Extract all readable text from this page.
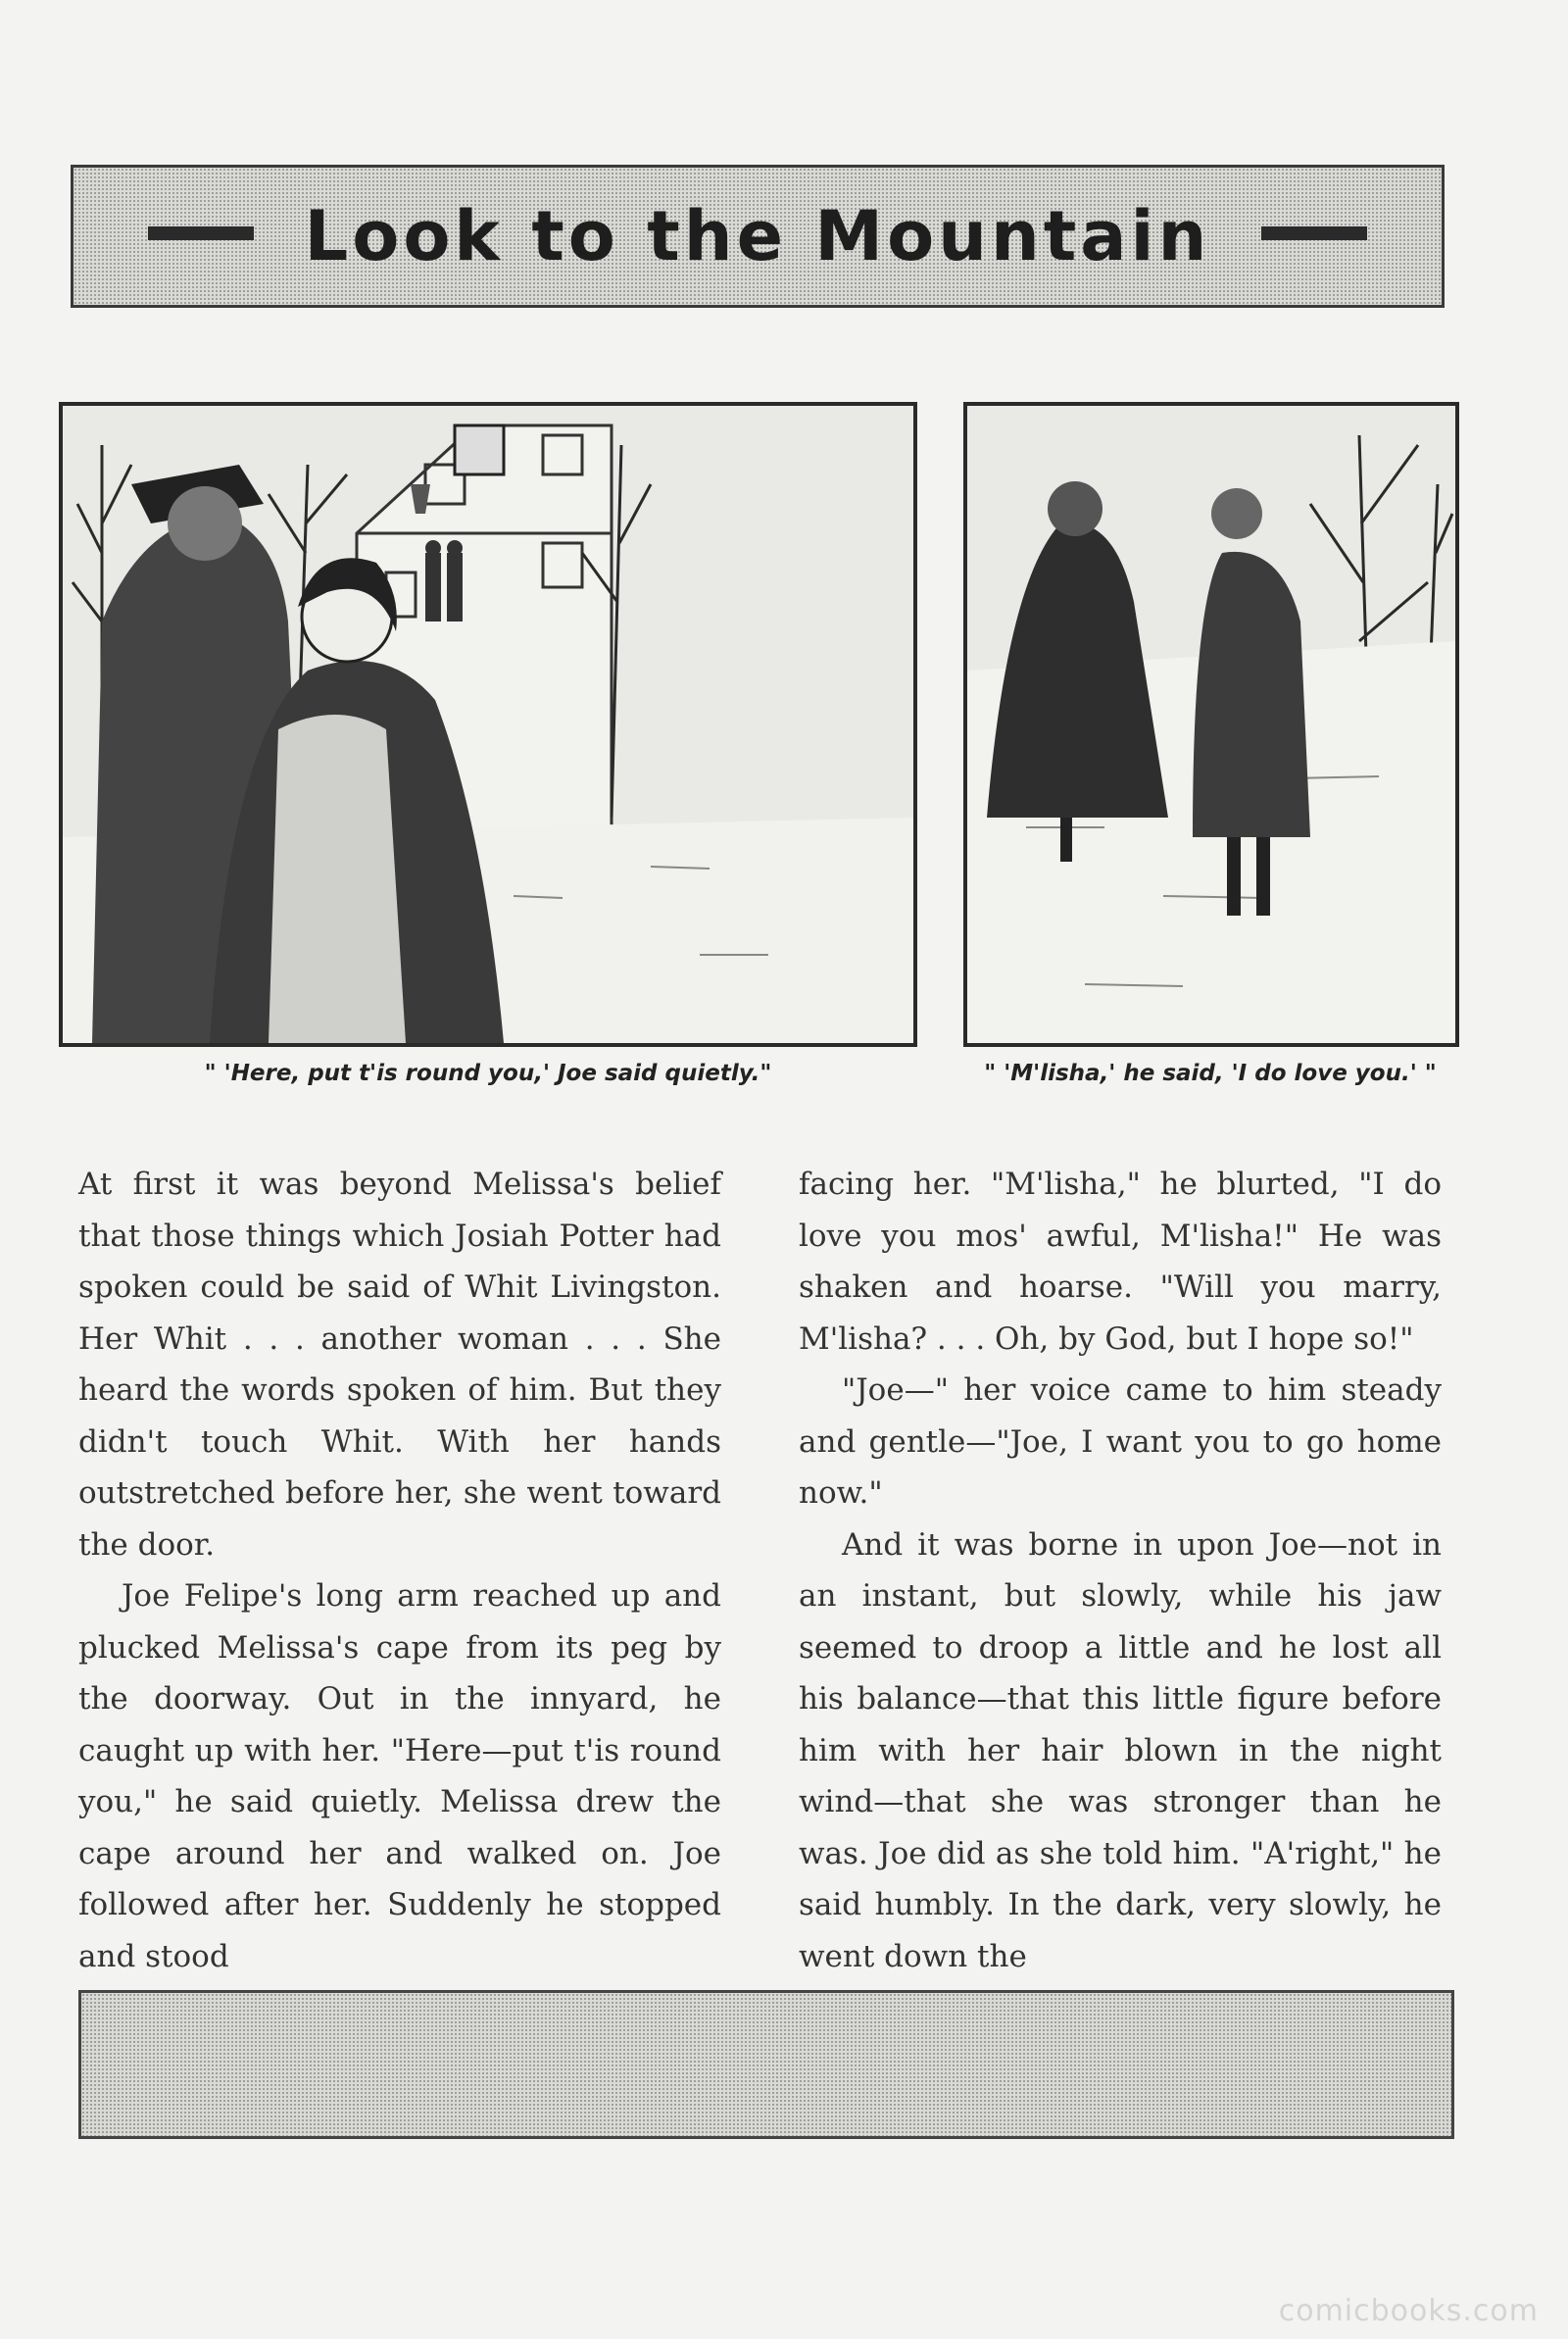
Look to the Mountain
" 'Here, put t'is round you,' Joe said quietly."	" 'M'lisha,' he said, 'I do love you.' "

At first it was beyond Melissa's belief that those things which Josiah Potter had spoken could be said of Whit Livingston. Her Whit . . . another woman . . . She heard the words spoken of him. But they didn't touch Whit. With her hands outstretched before her, she went toward the door.

Joe Felipe's long arm reached up and plucked Melissa's cape from its peg by the doorway. Out in the innyard, he caught up with her. "Here—put t'is round you," he said quietly. Melissa drew the cape around her and walked on. Joe followed after her. Suddenly he stopped and stood

facing her. "M'lisha," he blurted, "I do love you mos' awful, M'lisha!" He was shaken and hoarse. "Will you marry, M'lisha? . . . Oh, by God, but I hope so!"

"Joe—" her voice came to him steady and gentle—"Joe, I want you to go home now."

And it was borne in upon Joe—not in an instant, but slowly, while his jaw seemed to droop a little and he lost all his balance—that this little figure before him with her hair blown in the night wind—that she was stronger than he was. Joe did as she told him. "A'right," he said humbly. In the dark, very slowly, he went down the

comicbooks.com
